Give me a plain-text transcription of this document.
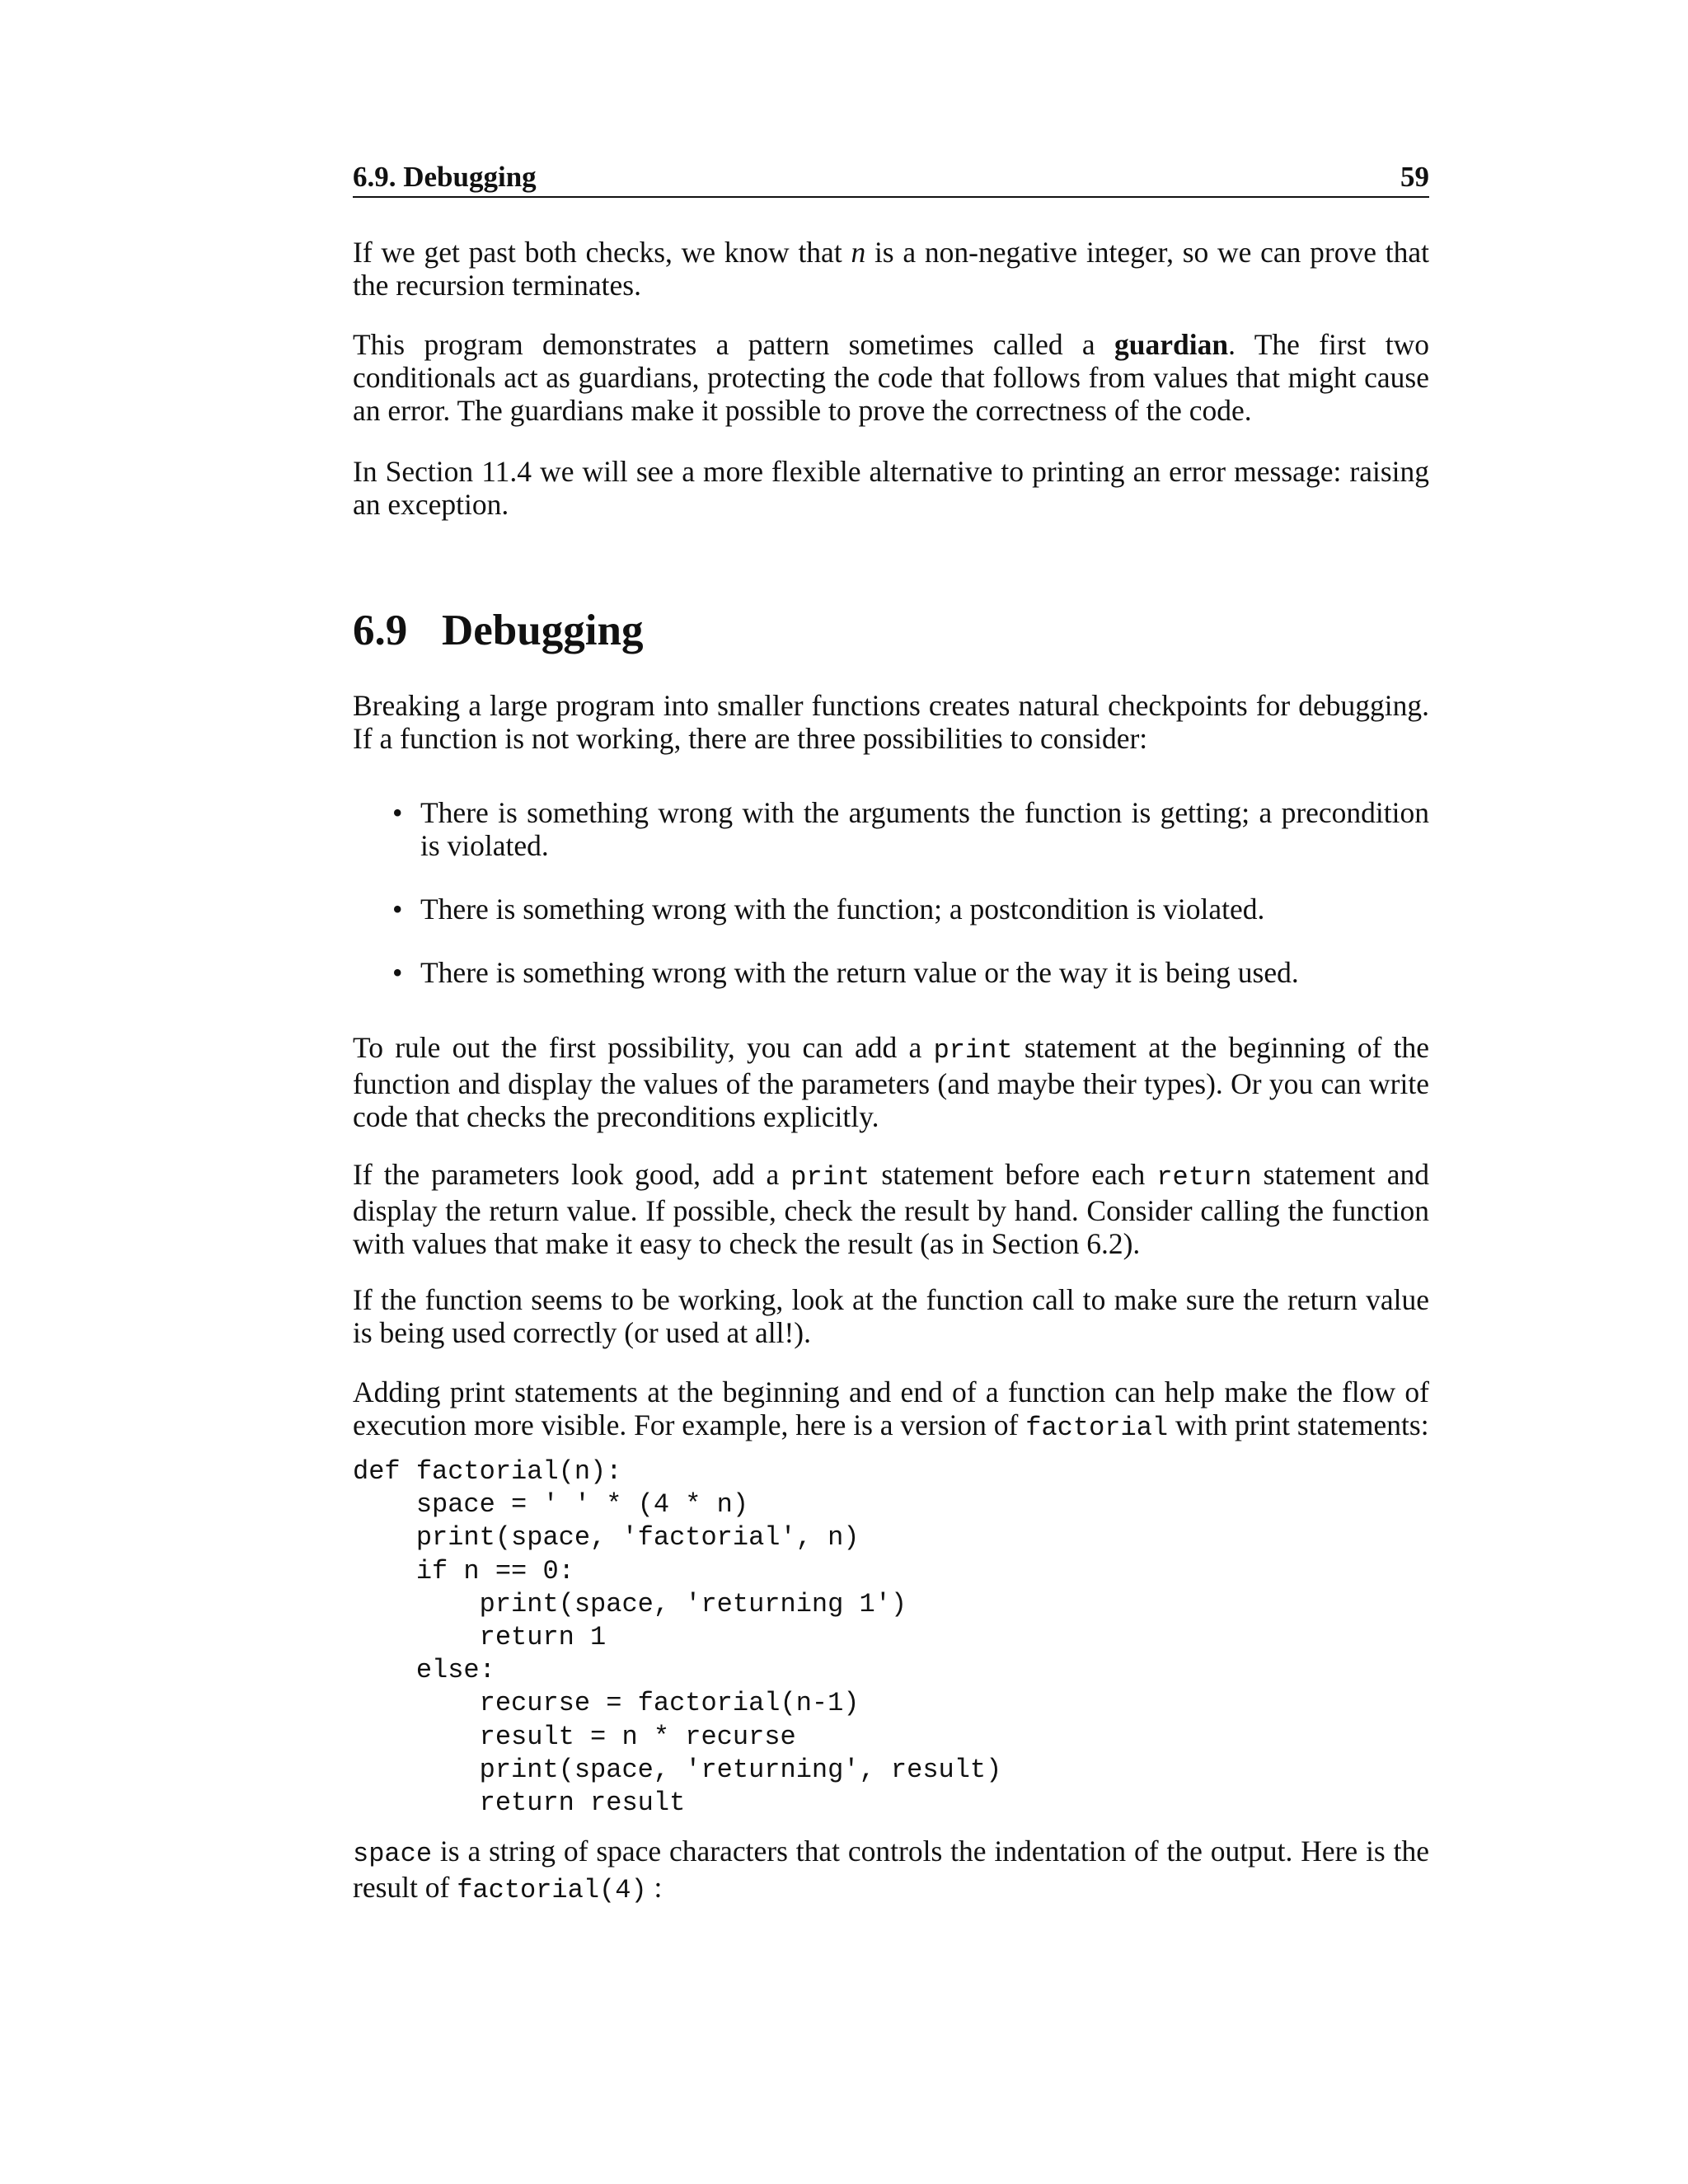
6.9. Debugging	59

If we get past both checks, we know that n is a non-negative integer, so we can prove that the recursion terminates.

This program demonstrates a pattern sometimes called a guardian. The first two conditionals act as guardians, protecting the code that follows from values that might cause an error. The guardians make it possible to prove the correctness of the code.

In Section 11.4 we will see a more flexible alternative to printing an error message: raising an exception.

6.9 Debugging

Breaking a large program into smaller functions creates natural checkpoints for debugging. If a function is not working, there are three possibilities to consider:

• There is something wrong with the arguments the function is getting; a precondition is violated.
• There is something wrong with the function; a postcondition is violated.
• There is something wrong with the return value or the way it is being used.

To rule out the first possibility, you can add a print statement at the beginning of the function and display the values of the parameters (and maybe their types). Or you can write code that checks the preconditions explicitly.

If the parameters look good, add a print statement before each return statement and display the return value. If possible, check the result by hand. Consider calling the function with values that make it easy to check the result (as in Section 6.2).

If the function seems to be working, look at the function call to make sure the return value is being used correctly (or used at all!).

Adding print statements at the beginning and end of a function can help make the flow of execution more visible. For example, here is a version of factorial with print statements:

def factorial(n):
space = ' ' * (4 * n)
print(space, 'factorial', n)
if n == 0:
print(space, 'returning 1')
return 1
else:
recurse = factorial(n-1)
result = n * recurse
print(space, 'returning', result)
return result

space is a string of space characters that controls the indentation of the output. Here is the result of factorial(4) :
